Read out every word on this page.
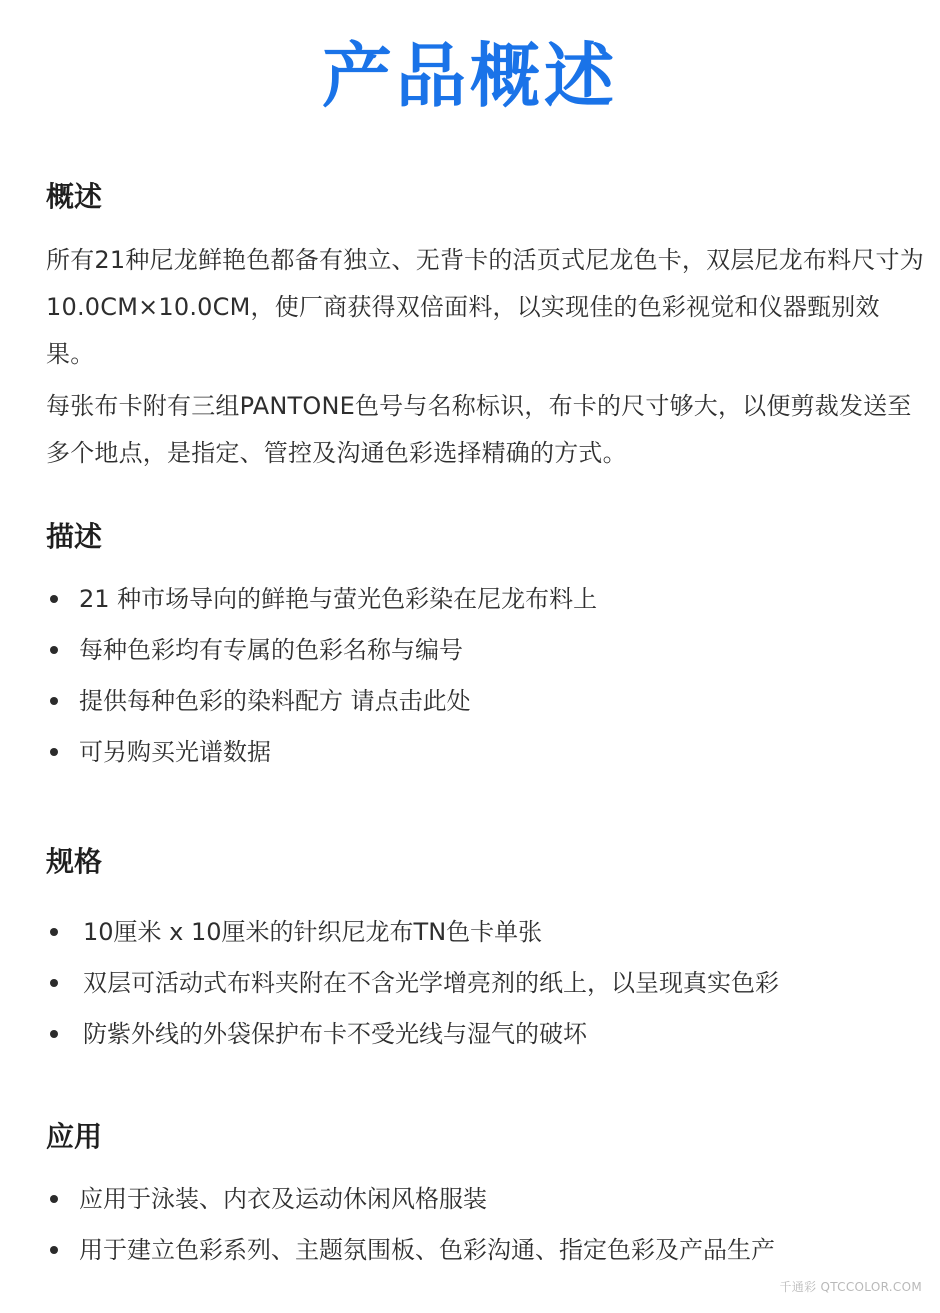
产品概述
概述
所有21种尼龙鲜艳色都备有独立、无背卡的活页式尼龙色卡，双层尼龙布料尺寸为10.0CM×10.0CM，使厂商获得双倍面料，以实现佳的色彩视觉和仪器甄别效果。
每张布卡附有三组PANTONE色号与名称标识，布卡的尺寸够大，以便剪裁发送至多个地点，是指定、管控及沟通色彩选择精确的方式。
描述
21 种市场导向的鲜艳与萤光色彩染在尼龙布料上
每种色彩均有专属的色彩名称与编号
提供每种色彩的染料配方 请点击此处
可另购买光谱数据
规格
10厘米 x 10厘米的针织尼龙布TN色卡单张
双层可活动式布料夹附在不含光学增亮剂的纸上，以呈现真实色彩
防紫外线的外袋保护布卡不受光线与湿气的破坏
应用
应用于泳装、内衣及运动休闲风格服装
用于建立色彩系列、主题氛围板、色彩沟通、指定色彩及产品生产
千通彩 QTCCOLOR.COM
